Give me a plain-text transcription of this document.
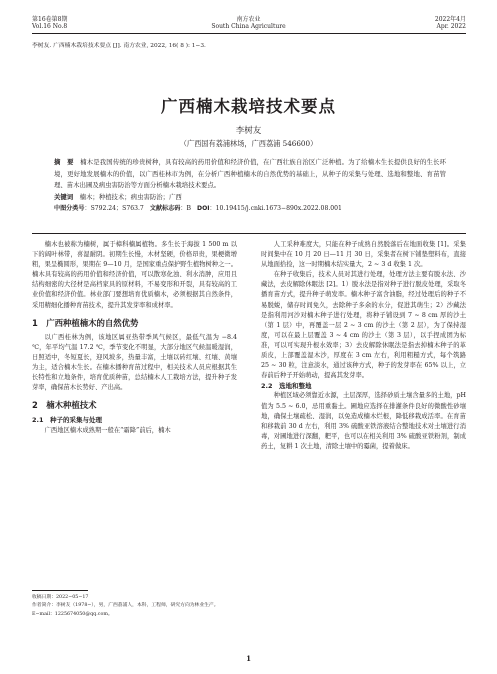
第16卷第8期
Vol.16 No.8
南方农业
South China Agriculture
2022年4月
Apr. 2022
李树友. 广西楠木栽培技术要点 [J]. 南方农业, 2022, 16( 8 ): 1−3.
广西楠木栽培技术要点
李树友
（广西国有荔浦林场，广西荔浦 546600）
摘　要  楠木是我国传统的珍贵树种，具有较高的药用价值和经济价值，在广西壮族自治区广泛种植。为了给楠木生长提供良好的生长环境，更好地发展楠木的价值，以广西桂林市为例，在分析广西种植楠木的自然优势的基础上，从种子的采集与处理、选地和整地、育苗管理、苗木出圃及病虫害防治等方面分析楠木栽培技术要点。
关键词  楠木；种植技术；病虫害防治；广西
中图分类号：S792.24；S763.7   文献标志码：B   DOI：10.19415/j.cnki.1673−890x.2022.08.001

楠木也被称为楠树，属于樟科楠属植物。多生长于海拔 1 500 m 以下的阔叶林带，喜湿耐阴。初期生长慢，木材坚硬，价格昂贵，果梗微增粗，果呈椭圆形，果期在 9—10 月，是国家重点保护野生植物树种之一。楠木具有较高的药用价值和经济价值，可以散寒化浊、利水消肿，应用且结构细密的大径材是高档家具的原材料，不易变形和开裂，具有较高的工业价值和经济价值。林业部门要想培育优质楠木，必须根据其自然条件，采用精细化播种育苗技术，提升其发芽率和成材率。

1　广西种植楠木的自然优势

以广西桂林为例，该地区属亚热带季风气候区，最低气温为 −8.4 ℃，年平均气温 17.2 ℃，季节变化不明显，大部分地区气候温暖湿润，日照适中，冬短夏长，迎风坡多，热量丰富，土壤以砖红壤、红壤、黄壤为主，适合楠木生长。在楠木播种育苗过程中，相关技术人员应根据其生长特性和立地条件，培育优质种苗，总结楠木人工栽培方法，提升种子发芽率，确保苗木长势好、产出高。

2　楠木种植技术
2.1　种子的采集与处理

广西地区楠木成熟期一般在“霜降”前后，楠木

收稿日期：2022−05−17
作者简介：李树友（1978−），男，广西荔浦人，本科，工程师，研究方向为林业生产。E−mail：1225674050@qq.com。

人工采种难度大，只能在种子成熟自然脱落后在地面收集 [1]。采集时间集中在 10 月 20 日—11 月 30 日，采集者在树下铺垫塑料布，直接从地面拾捡，这一时期楠木结实量大，2 ~ 3 d 收集 1 次。

在种子收集后，技术人员对其进行处理，处理方法主要有脱水法、沙藏法，去皮解除休眠法 [2]。1）脱水法是指对种子进行脱皮处理，采取冬播育苗方式，提升种子萌发率。楠木种子富含油脂，经过处理后的种子不易脱蜕，储存时间免久，去除种子多余的水分，促进其萌生；2）沙藏法是指利用河沙对楠木种子进行处理，将种子铺设到 7 ~ 8 cm 厚的沙土（第 1 层）中，再覆盖一层 2 ~ 3 cm 的沙土（第 2 层），为了保持湿度，可以在最上层覆盖 3 ~ 4 cm 的沙土（第 3 层），以手捏成团为标准，可以可实现升根水效率；3）去皮解除休眠法是指去掉楠木种子的革质皮，上部覆盖湿木沙，厚度在 3 cm 左右，利用粗糙方式，每个筑路 25 ~ 30 粒，注意淡水，通过该种方式，种子的发芽率在 65% 以上，立春前后种子开始萌动，提高其发芽率。

2.2　选地和整地

种植区域必须靠近水源，土层深厚，选择砂质土壤含量多的土地，pH 值为 5.5 ~ 6.0，忌用重黏土。圃地应选择在排灌条件良好的微酸性砂壤地，确保土壤疏松、湿润，以免造成楠木烂根，降低移栽成活率。在育苗和移栽前 30 d 左右，利用 3% 硫酸亚铁溶液结合整地技术对土壤进行消毒，对圃地进行深翻，耙平，也可以在相关利用 3% 硫酸亚铁粉剂，制成药土，复耕 1 次土地，清除土壤中的霉菌，提着做床。

1
